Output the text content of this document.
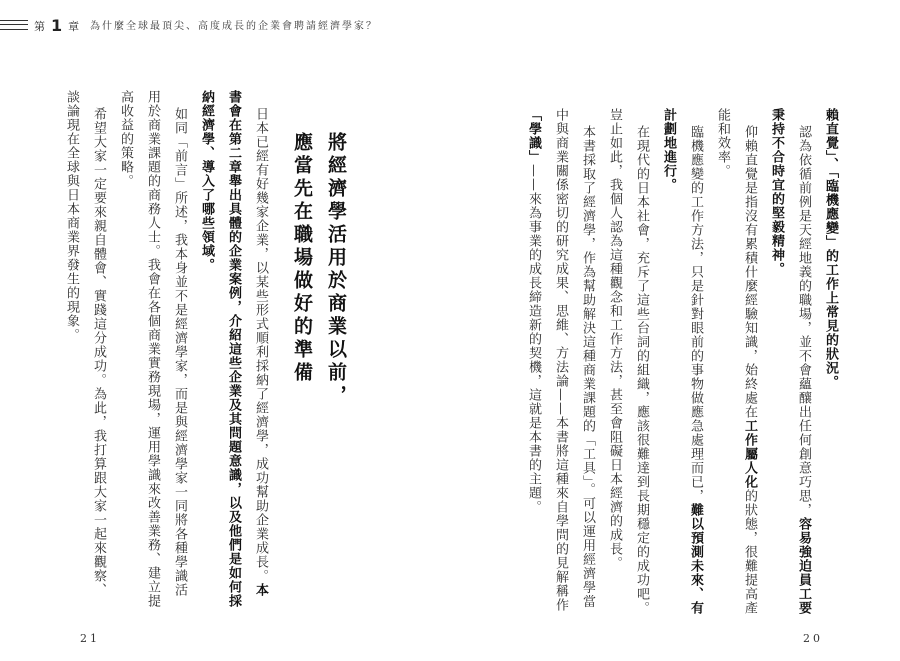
第 1 章 為什麼全球最頂尖、高度成長的企業會聘請經濟學家？
賴直覺」、「臨機應變」的工作上常見的狀況。
認為依循前例是天經地義的職場，並不會蘊釀出任何創意巧思，容易強迫員工要
秉持不合時宜的堅毅精神。
仰賴直覺是指沒有累積什麼經驗知識，始終處在工作屬人化的狀態，很難提高產
能和效率。
臨機應變的工作方法，只是針對眼前的事物做應急處理而已，難以預測未來、有
計劃地進行。
在現代的日本社會，充斥了這些台詞的組織，應該很難達到長期穩定的成功吧。
豈止如此，我個人認為這種觀念和工作方法，甚至會阻礙日本經濟的成長。
本書採取了經濟學，作為幫助解決這種商業課題的「工具」。可以運用經濟學當
中與商業關係密切的研究成果、思維、方法論——本書將這種來自學問的見解稱作
「學識」——來為事業的成長締造新的契機，這就是本書的主題。
20
日本已經有好幾家企業，以某些形式順利採納了經濟學，成功幫助企業成長。本
書會在第二章舉出具體的企業案例，介紹這些企業及其問題意識，以及他們是如何採
納經濟學、導入了哪些領域。
如同「前言」所述，我本身並不是經濟學家，而是與經濟學家一同將各種學識活
用於商業課題的商務人士。我會在各個商業實務現場，運用學識來改善業務、建立提
高收益的策略。
希望大家一定要來親自體會、實踐這分成功。為此，我打算跟大家一起來觀察、
談論現在全球與日本商業界發生的現象。	將經濟學活用於商業以前，
應當先在職場做好的準備
21
